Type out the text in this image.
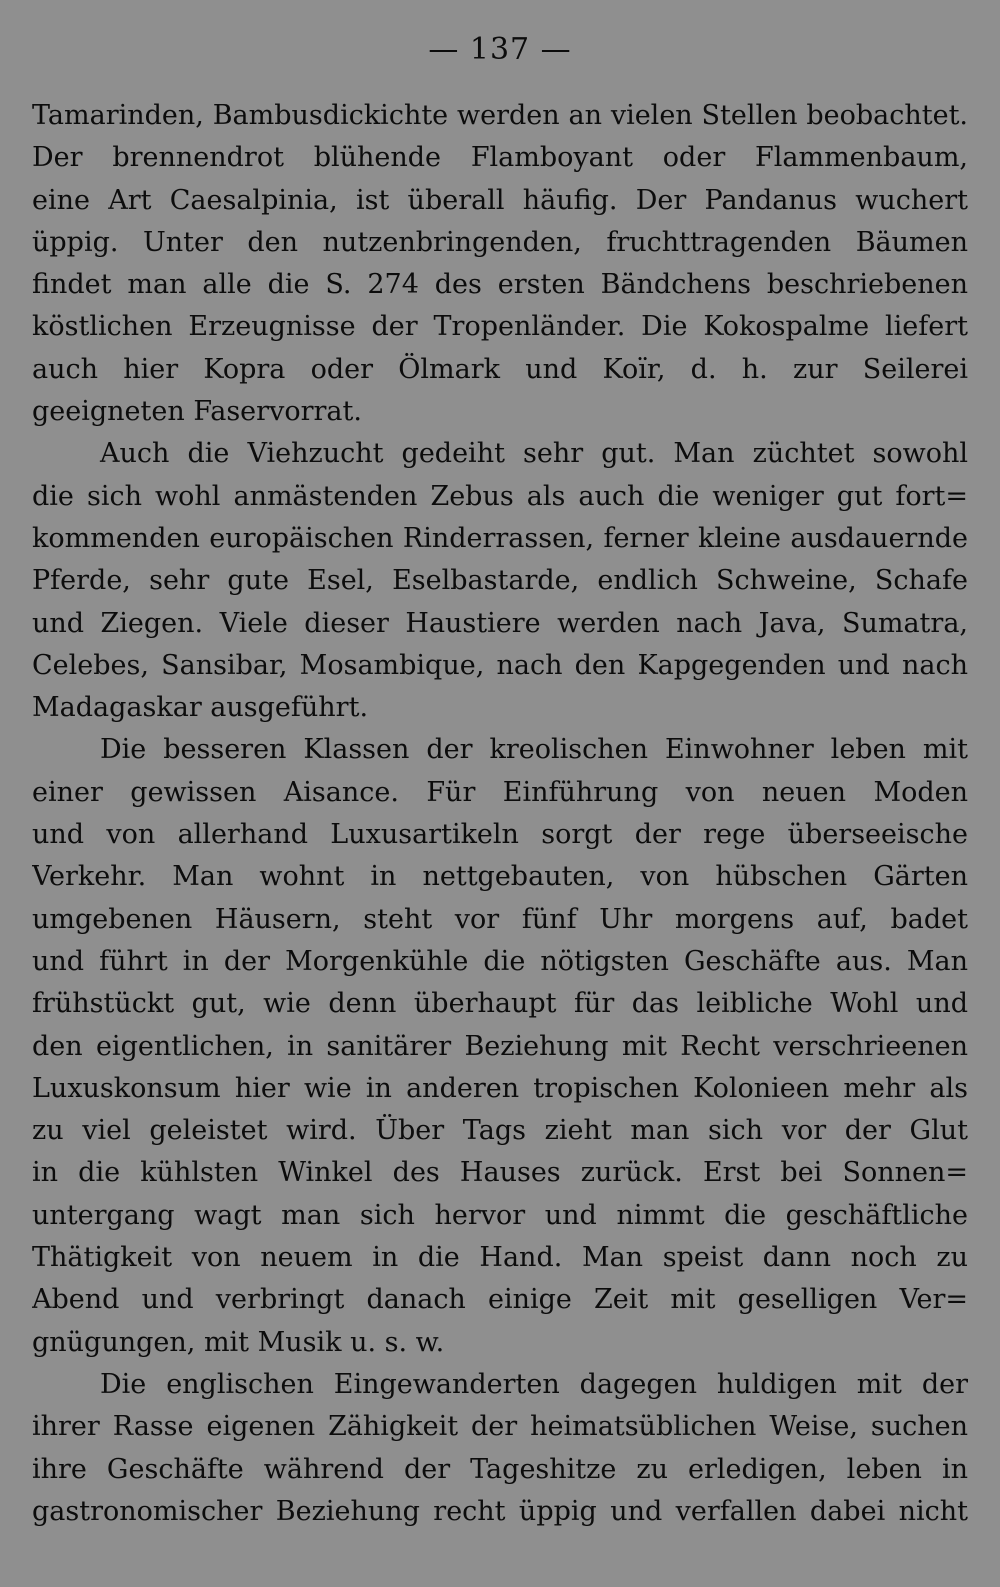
— 137 —
Tamarinden, Bambusdickichte werden an vielen Stellen beobachtet.
Der brennendrot blühende Flamboyant oder Flammenbaum,
eine Art Caesalpinia, ist überall häufig. Der Pandanus wuchert
üppig. Unter den nutzenbringenden, fruchttragenden Bäumen
findet man alle die S. 274 des ersten Bändchens beschriebenen
köstlichen Erzeugnisse der Tropenländer. Die Kokospalme liefert
auch hier Kopra oder Ölmark und Koïr, d. h. zur Seilerei
geeigneten Faservorrat.
Auch die Viehzucht gedeiht sehr gut. Man züchtet sowohl
die sich wohl anmästenden Zebus als auch die weniger gut fort=
kommenden europäischen Rinderrassen, ferner kleine ausdauernde
Pferde, sehr gute Esel, Eselbastarde, endlich Schweine, Schafe
und Ziegen. Viele dieser Haustiere werden nach Java, Sumatra,
Celebes, Sansibar, Mosambique, nach den Kapgegenden und nach
Madagaskar ausgeführt.
Die besseren Klassen der kreolischen Einwohner leben mit
einer gewissen Aisance. Für Einführung von neuen Moden
und von allerhand Luxusartikeln sorgt der rege überseeische
Verkehr. Man wohnt in nettgebauten, von hübschen Gärten
umgebenen Häusern, steht vor fünf Uhr morgens auf, badet
und führt in der Morgenkühle die nötigsten Geschäfte aus. Man
frühstückt gut, wie denn überhaupt für das leibliche Wohl und
den eigentlichen, in sanitärer Beziehung mit Recht verschrieenen
Luxuskonsum hier wie in anderen tropischen Kolonieen mehr als
zu viel geleistet wird. Über Tags zieht man sich vor der Glut
in die kühlsten Winkel des Hauses zurück. Erst bei Sonnen=
untergang wagt man sich hervor und nimmt die geschäftliche
Thätigkeit von neuem in die Hand. Man speist dann noch zu
Abend und verbringt danach einige Zeit mit geselligen Ver=
gnügungen, mit Musik u. s. w.
Die englischen Eingewanderten dagegen huldigen mit der
ihrer Rasse eigenen Zähigkeit der heimatsüblichen Weise, suchen
ihre Geschäfte während der Tageshitze zu erledigen, leben in
gastronomischer Beziehung recht üppig und verfallen dabei nicht
